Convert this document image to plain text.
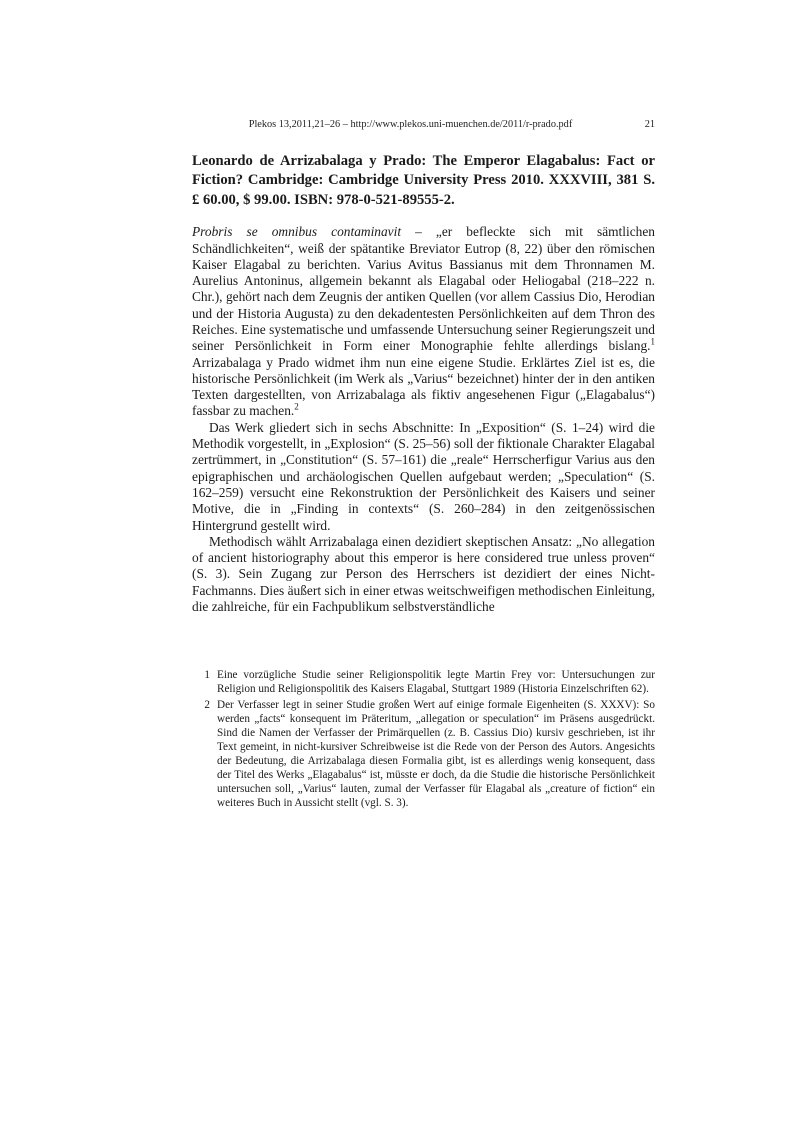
Plekos 13,2011,21–26 – http://www.plekos.uni-muenchen.de/2011/r-prado.pdf	21

Leonardo de Arrizabalaga y Prado: The Emperor Elagabalus: Fact or Fiction? Cambridge: Cambridge University Press 2010. XXXVIII, 381 S. £ 60.00, $ 99.00. ISBN: 978-0-521-89555-2.

Probris se omnibus contaminavit – „er befleckte sich mit sämtlichen Schändlichkeiten“, weiß der spätantike Breviator Eutrop (8, 22) über den römischen Kaiser Elagabal zu berichten. Varius Avitus Bassianus mit dem Thronnamen M. Aurelius Antoninus, allgemein bekannt als Elagabal oder Heliogabal (218–222 n. Chr.), gehört nach dem Zeugnis der antiken Quellen (vor allem Cassius Dio, Herodian und der Historia Augusta) zu den dekadentesten Persönlichkeiten auf dem Thron des Reiches. Eine systematische und umfassende Untersuchung seiner Regierungszeit und seiner Persönlichkeit in Form einer Monographie fehlte allerdings bislang.$^1$ Arrizabalaga y Prado widmet ihm nun eine eigene Studie. Erklärtes Ziel ist es, die historische Persönlichkeit (im Werk als „Varius“ bezeichnet) hinter der in den antiken Texten dargestellten, von Arrizabalaga als fiktiv angesehenen Figur („Elagabalus“) fassbar zu machen.$^2$

Das Werk gliedert sich in sechs Abschnitte: In „Exposition“ (S. 1–24) wird die Methodik vorgestellt, in „Explosion“ (S. 25–56) soll der fiktionale Charakter Elagabal zertrümmert, in „Constitution“ (S. 57–161) die „reale“ Herrscherfigur Varius aus den epigraphischen und archäologischen Quellen aufgebaut werden; „Speculation“ (S. 162–259) versucht eine Rekonstruktion der Persönlichkeit des Kaisers und seiner Motive, die in „Finding in contexts“ (S. 260–284) in den zeitgenössischen Hintergrund gestellt wird.

Methodisch wählt Arrizabalaga einen dezidiert skeptischen Ansatz: „No allegation of ancient historiography about this emperor is here considered true unless proven“ (S. 3). Sein Zugang zur Person des Herrschers ist dezidiert der eines Nicht-Fachmanns. Dies äußert sich in einer etwas weitschweifigen methodischen Einleitung, die zahlreiche, für ein Fachpublikum selbstverständliche

1 Eine vorzügliche Studie seiner Religionspolitik legte Martin Frey vor: Untersuchungen zur Religion und Religionspolitik des Kaisers Elagabal, Stuttgart 1989 (Historia Einzelschriften 62).
2 Der Verfasser legt in seiner Studie großen Wert auf einige formale Eigenheiten (S. XXXV): So werden „facts“ konsequent im Präteritum, „allegation or speculation“ im Präsens ausgedrückt. Sind die Namen der Verfasser der Primärquellen (z. B. Cassius Dio) kursiv geschrieben, ist ihr Text gemeint, in nicht-kursiver Schreibweise ist die Rede von der Person des Autors. Angesichts der Bedeutung, die Arrizabalaga diesen Formalia gibt, ist es allerdings wenig konsequent, dass der Titel des Werks „Elagabalus“ ist, müsste er doch, da die Studie die historische Persönlichkeit untersuchen soll, „Varius“ lauten, zumal der Verfasser für Elagabal als „creature of fiction“ ein weiteres Buch in Aussicht stellt (vgl. S. 3).
